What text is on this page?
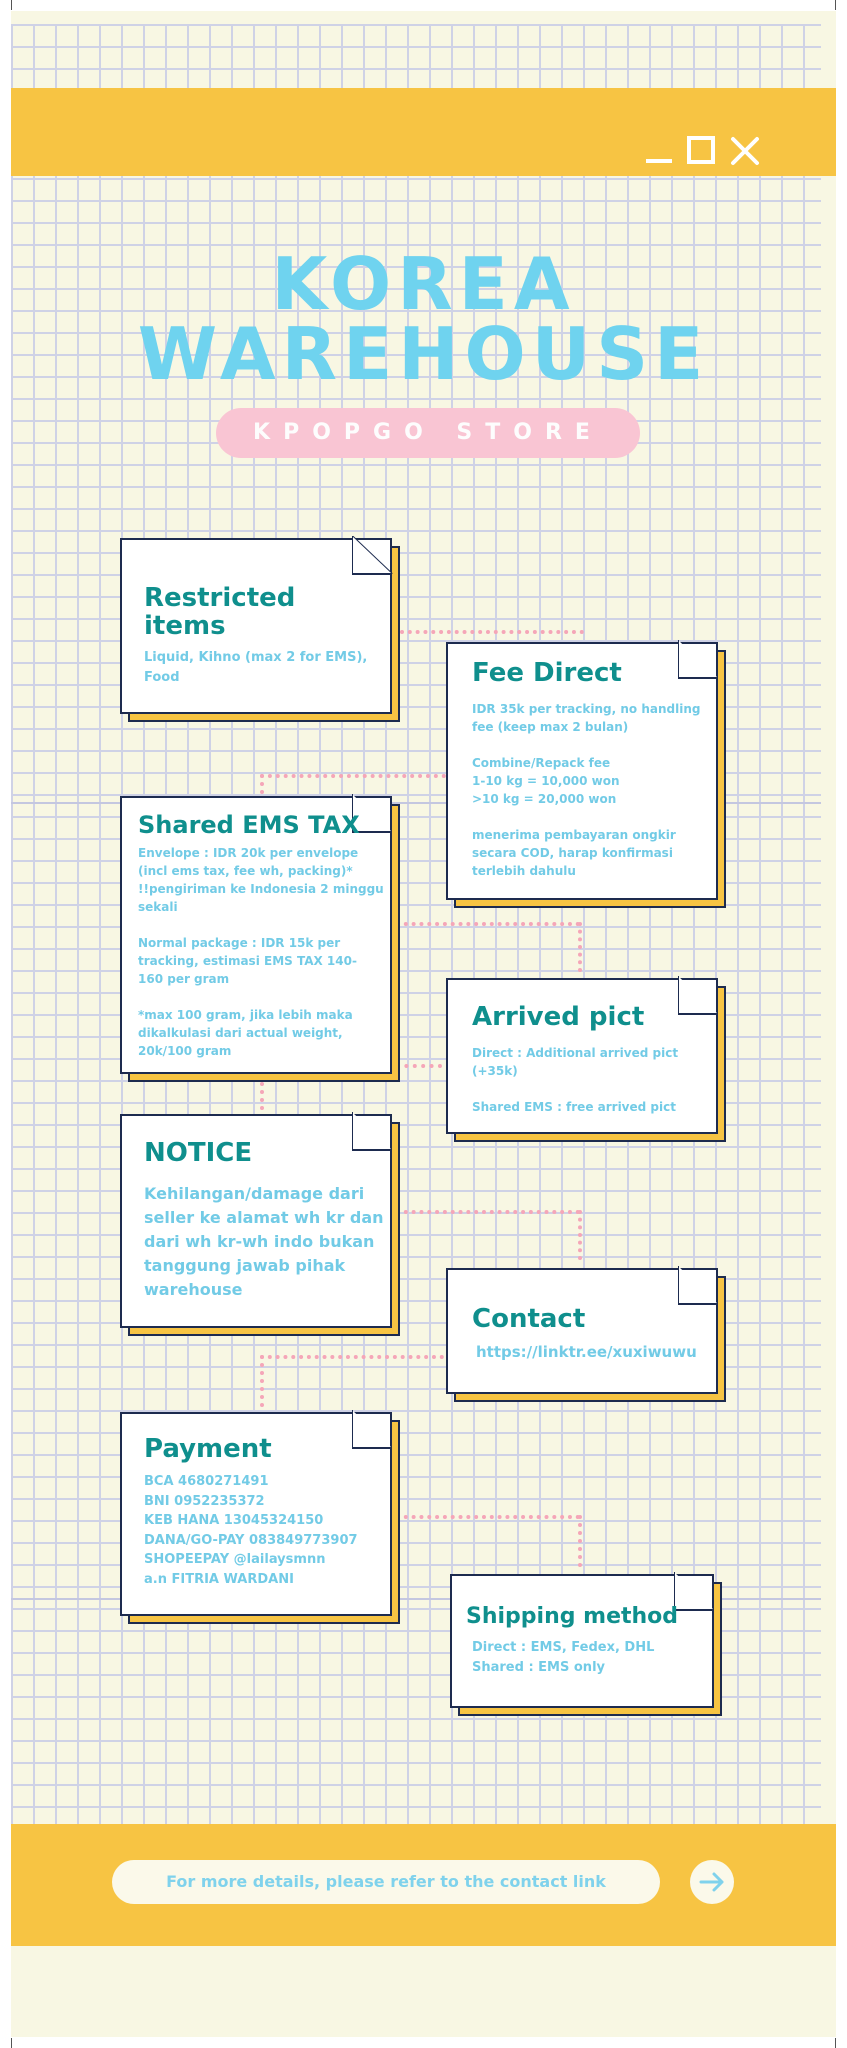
KOREA
WAREHOUSE
KPOPGO STORE
Restricted
items
Liquid, Kihno (max 2 for EMS),
Food	Fee Direct
IDR 35k per tracking, no handling
fee (keep max 2 bulan)

Combine/Repack fee
1-10 kg = 10,000 won
>10 kg = 20,000 won

menerima pembayaran ongkir
secara COD, harap konfirmasi
terlebih dahulu
Shared EMS TAX
Envelope : IDR 20k per envelope
(incl ems tax, fee wh, packing)*
!!pengiriman ke Indonesia 2 minggu
sekali

Normal package : IDR 15k per
tracking, estimasi EMS TAX 140-
160 per gram

*max 100 gram, jika lebih maka
dikalkulasi dari actual weight,
20k/100 gram
Arrived pict
Direct : Additional arrived pict
(+35k)

Shared EMS : free arrived pict
NOTICE
Kehilangan/damage dari
seller ke alamat wh kr dan
dari wh kr-wh indo bukan
tanggung jawab pihak
warehouse
Contact
https://linktr.ee/xuxiwuwu
Payment
BCA 4680271491
BNI 0952235372
KEB HANA 13045324150
DANA/GO-PAY 083849773907
SHOPEEPAY @lailaysmnn
a.n FITRIA WARDANI
Shipping method
Direct : EMS, Fedex, DHL
Shared : EMS only
For more details, please refer to the contact link
